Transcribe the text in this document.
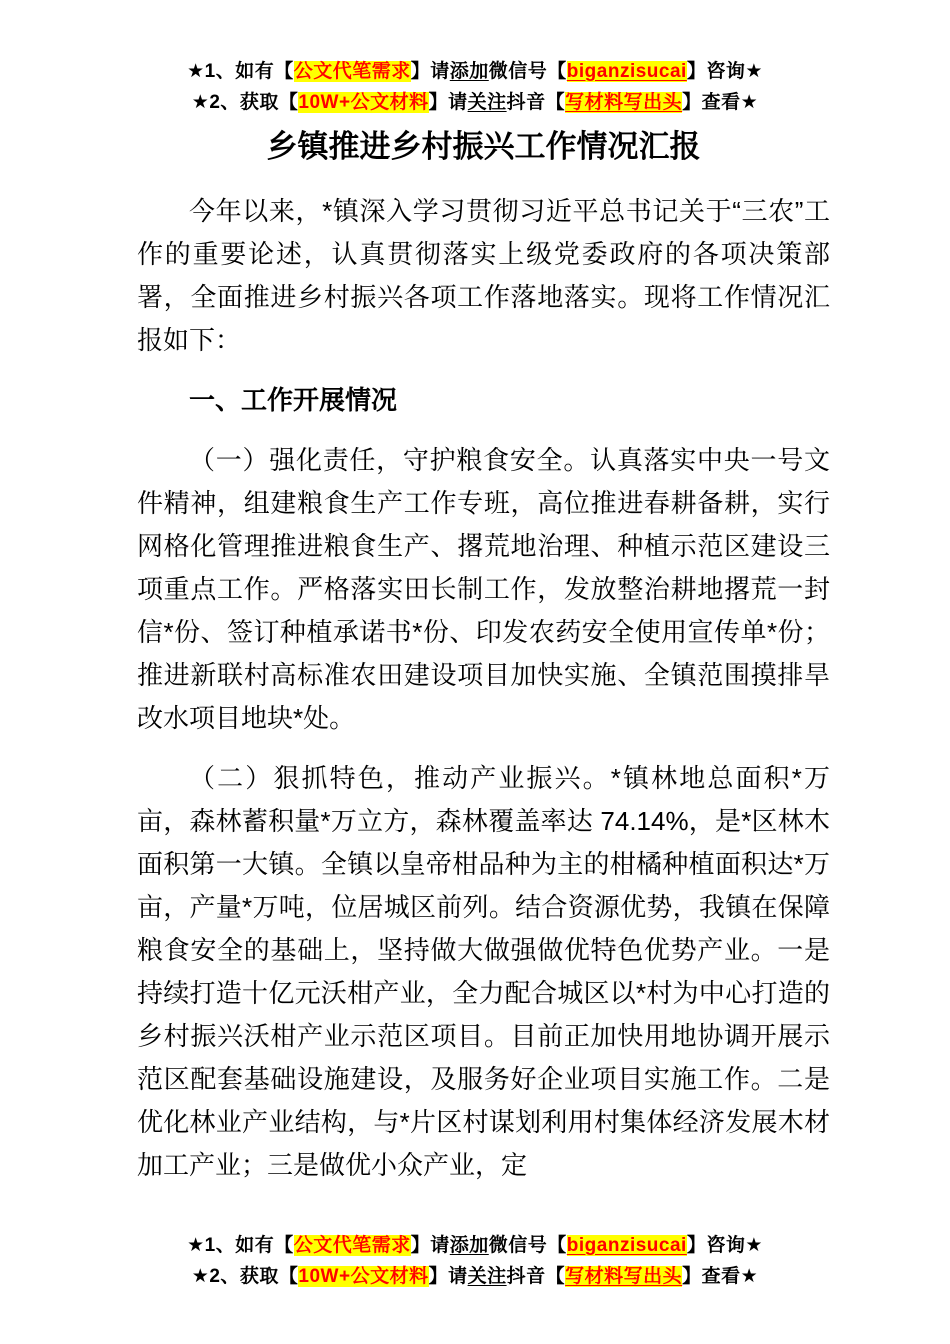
★1、如有【公文代笔需求】请添加微信号【biganzisucai】咨询★

★2、获取【10W+公文材料】请关注抖音【写材料写出头】查看★

乡镇推进乡村振兴工作情况汇报

今年以来，*镇深入学习贯彻习近平总书记关于“三农”工作的重要论述，认真贯彻落实上级党委政府的各项决策部署，全面推进乡村振兴各项工作落地落实。现将工作情况汇报如下：

一、工作开展情况

（一）强化责任，守护粮食安全。认真落实中央一号文件精神，组建粮食生产工作专班，高位推进春耕备耕，实行网格化管理推进粮食生产、撂荒地治理、种植示范区建设三项重点工作。严格落实田长制工作，发放整治耕地撂荒一封信*份、签订种植承诺书*份、印发农药安全使用宣传单*份；推进新联村高标准农田建设项目加快实施、全镇范围摸排旱改水项目地块*处。

（二）狠抓特色，推动产业振兴。*镇林地总面积*万亩，森林蓄积量*万立方，森林覆盖率达 74.14%，是*区林木面积第一大镇。全镇以皇帝柑品种为主的柑橘种植面积达*万亩，产量*万吨，位居城区前列。结合资源优势，我镇在保障粮食安全的基础上，坚持做大做强做优特色优势产业。一是持续打造十亿元沃柑产业，全力配合城区以*村为中心打造的乡村振兴沃柑产业示范区项目。目前正加快用地协调开展示范区配套基础设施建设，及服务好企业项目实施工作。二是优化林业产业结构，与*片区村谋划利用村集体经济发展木材加工产业；三是做优小众产业，定

★1、如有【公文代笔需求】请添加微信号【biganzisucai】咨询★

★2、获取【10W+公文材料】请关注抖音【写材料写出头】查看★
